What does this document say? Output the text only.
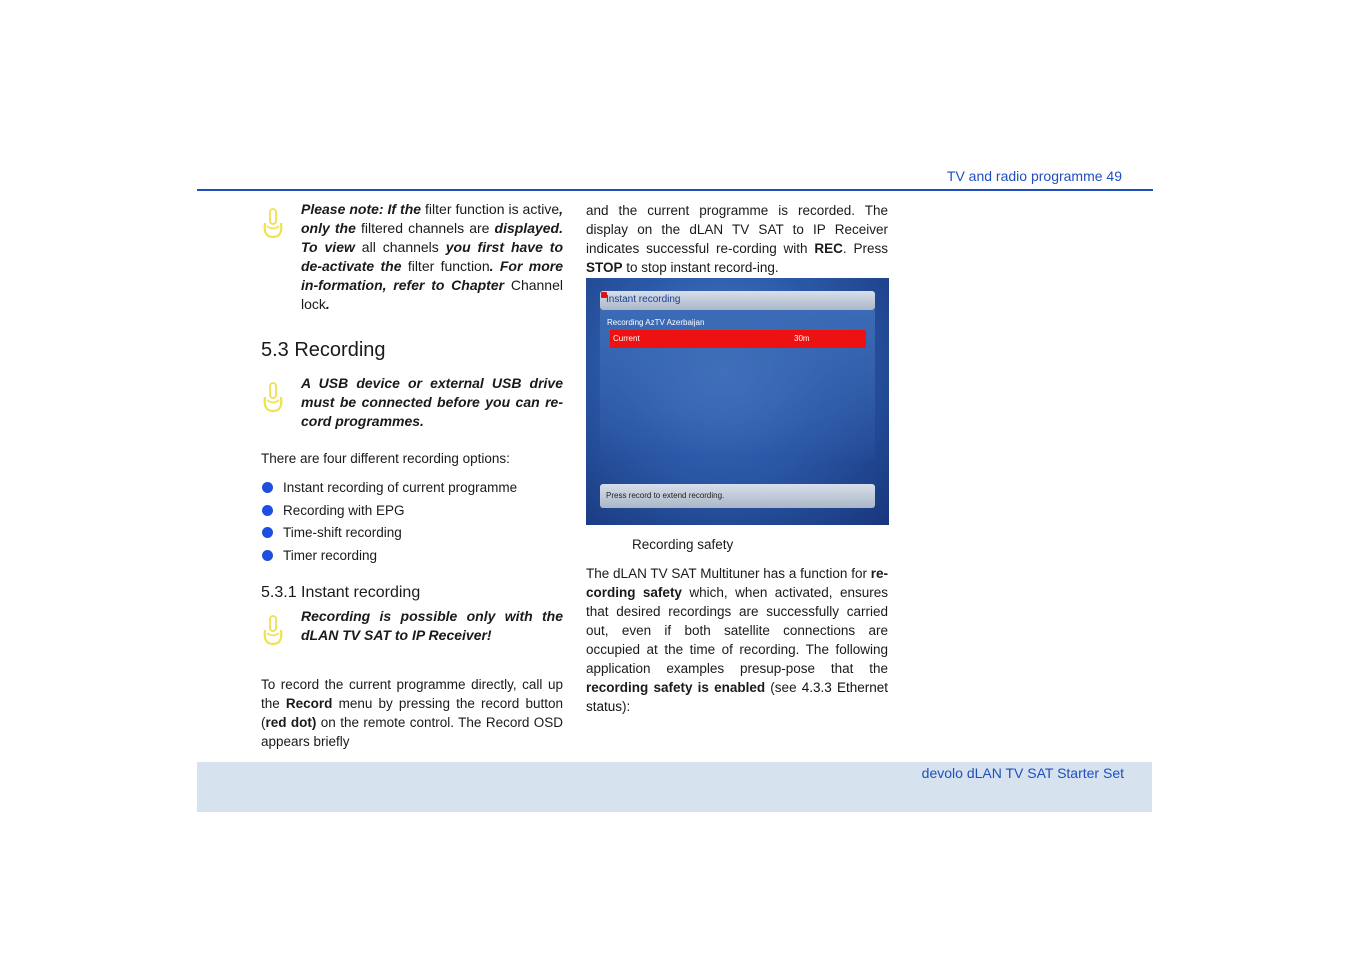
TV and radio programme 49

Please note: If the filter function is active, only the filtered channels are displayed. To view all channels you first have to de-activate the filter function. For more in-formation, refer to Chapter Channel lock.

5.3 Recording

A USB device or external USB drive must be connected before you can re-cord programmes.

There are four different recording options:

Instant recording of current programme
Recording with EPG
Time-shift recording
Timer recording
5.3.1 Instant recording

Recording is possible only with the dLAN TV SAT to IP Receiver!

To record the current programme directly, call up the Record menu by pressing the record button (red dot) on the remote control. The Record OSD appears briefly

and the current programme is recorded. The display on the dLAN TV SAT to IP Receiver indicates successful re-cording with REC. Press STOP to stop instant record-ing.

Instant recording
Recording AzTV Azerbaijan
Current	30m
Press record to extend recording.
Recording safety

The dLAN TV SAT Multituner has a function for re-cording safety which, when activated, ensures that desired recordings are successfully carried out, even if both satellite connections are occupied at the time of recording. The following application examples presup-pose that the recording safety is enabled (see 4.3.3 Ethernet status):

devolo dLAN TV SAT Starter Set
